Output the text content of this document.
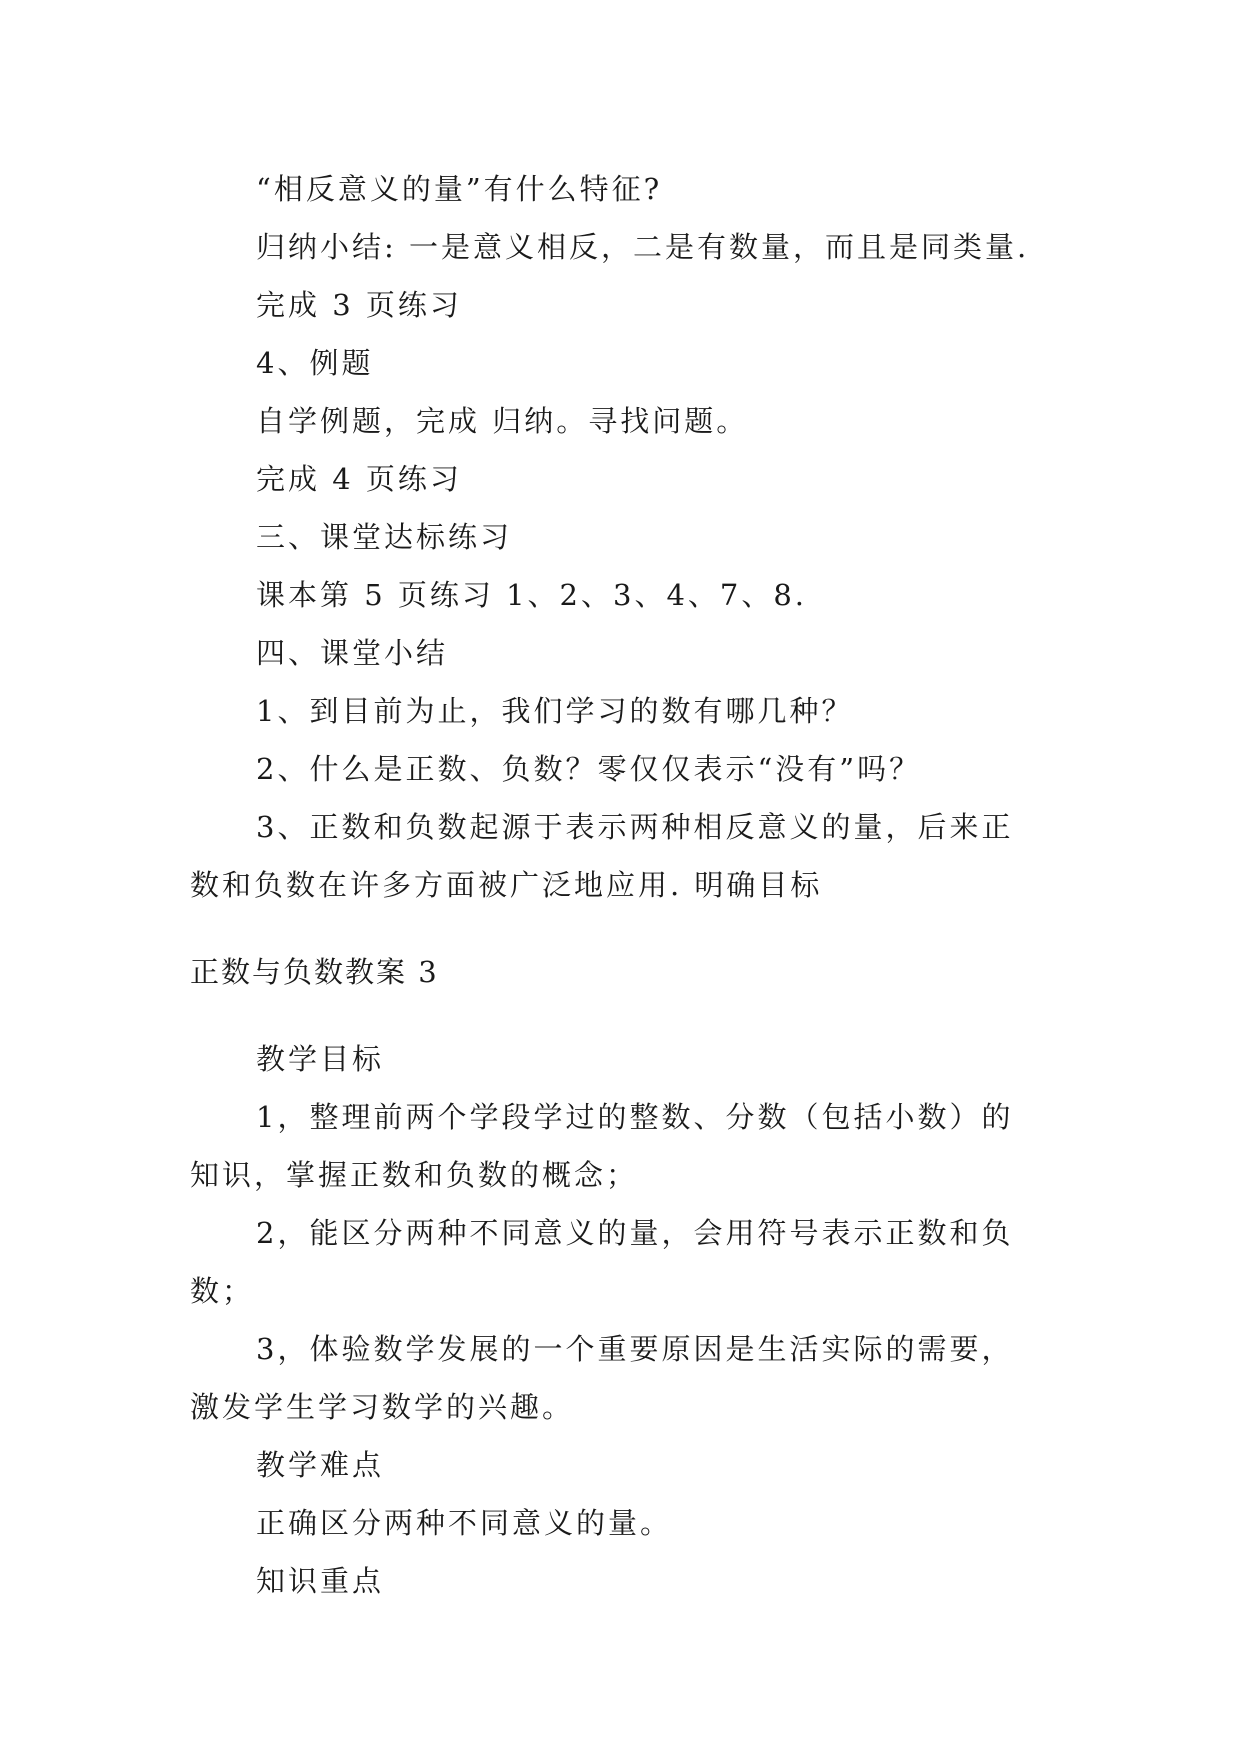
“相反意义的量”有什么特征?

归纳小结: 一是意义相反，二是有数量，而且是同类量.

完成 3 页练习

4、例题

自学例题，完成 归纳。寻找问题。

完成 4 页练习

三、课堂达标练习

课本第 5 页练习 1、2、3、4、7、8.

四、课堂小结

1、到目前为止，我们学习的数有哪几种？

2、什么是正数、负数？零仅仅表示“没有”吗？

3、正数和负数起源于表示两种相反意义的量，后来正

数和负数在许多方面被广泛地应用. 明确目标

正数与负数教案 3

教学目标

1，整理前两个学段学过的整数、分数（包括小数）的

知识，掌握正数和负数的概念；

2，能区分两种不同意义的量，会用符号表示正数和负

数；

3，体验数学发展的一个重要原因是生活实际的需要，

激发学生学习数学的兴趣。

教学难点

正确区分两种不同意义的量。

知识重点
